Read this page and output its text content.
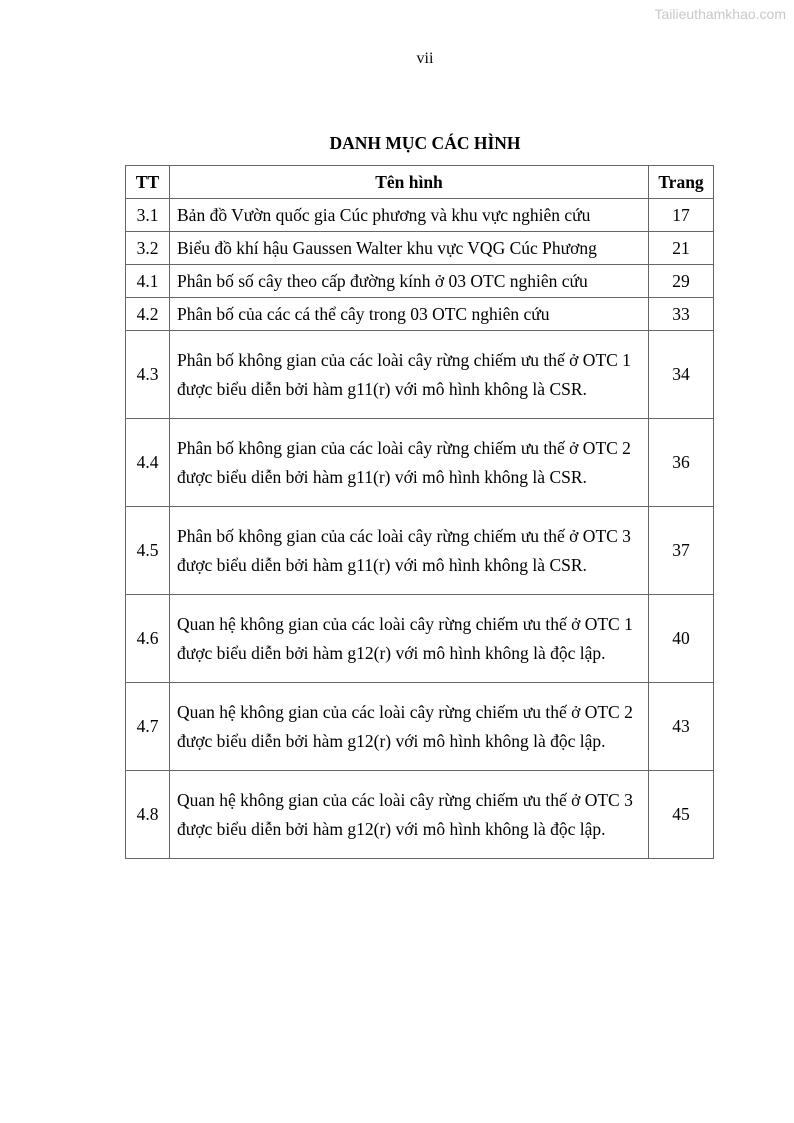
Tailieuthamkhao.com
vii
DANH MỤC CÁC HÌNH
TT	Tên hình	Trang
3.1	Bản đồ Vườn quốc gia Cúc phương và khu vực nghiên cứu	17
3.2	Biểu đồ khí hậu Gaussen Walter khu vực VQG Cúc Phương	21
4.1	Phân bố số cây theo cấp đường kính ở 03 OTC nghiên cứu	29
4.2	Phân bố của các cá thể cây trong 03 OTC nghiên cứu	33
4.3	Phân bố không gian của các loài cây rừng chiếm ưu thế ở OTC 1 được biểu diễn bởi hàm g11(r) với mô hình không là CSR.	34
4.4	Phân bố không gian của các loài cây rừng chiếm ưu thế ở OTC 2 được biểu diễn bởi hàm g11(r) với mô hình không là CSR.	36
4.5	Phân bố không gian của các loài cây rừng chiếm ưu thế ở OTC 3 được biểu diễn bởi hàm g11(r) với mô hình không là CSR.	37
4.6	Quan hệ không gian của các loài cây rừng chiếm ưu thế ở OTC 1 được biểu diễn bởi hàm g12(r) với mô hình không là độc lập.	40
4.7	Quan hệ không gian của các loài cây rừng chiếm ưu thế ở OTC 2 được biểu diễn bởi hàm g12(r) với mô hình không là độc lập.	43
4.8	Quan hệ không gian của các loài cây rừng chiếm ưu thế ở OTC 3 được biểu diễn bởi hàm g12(r) với mô hình không là độc lập.	45
